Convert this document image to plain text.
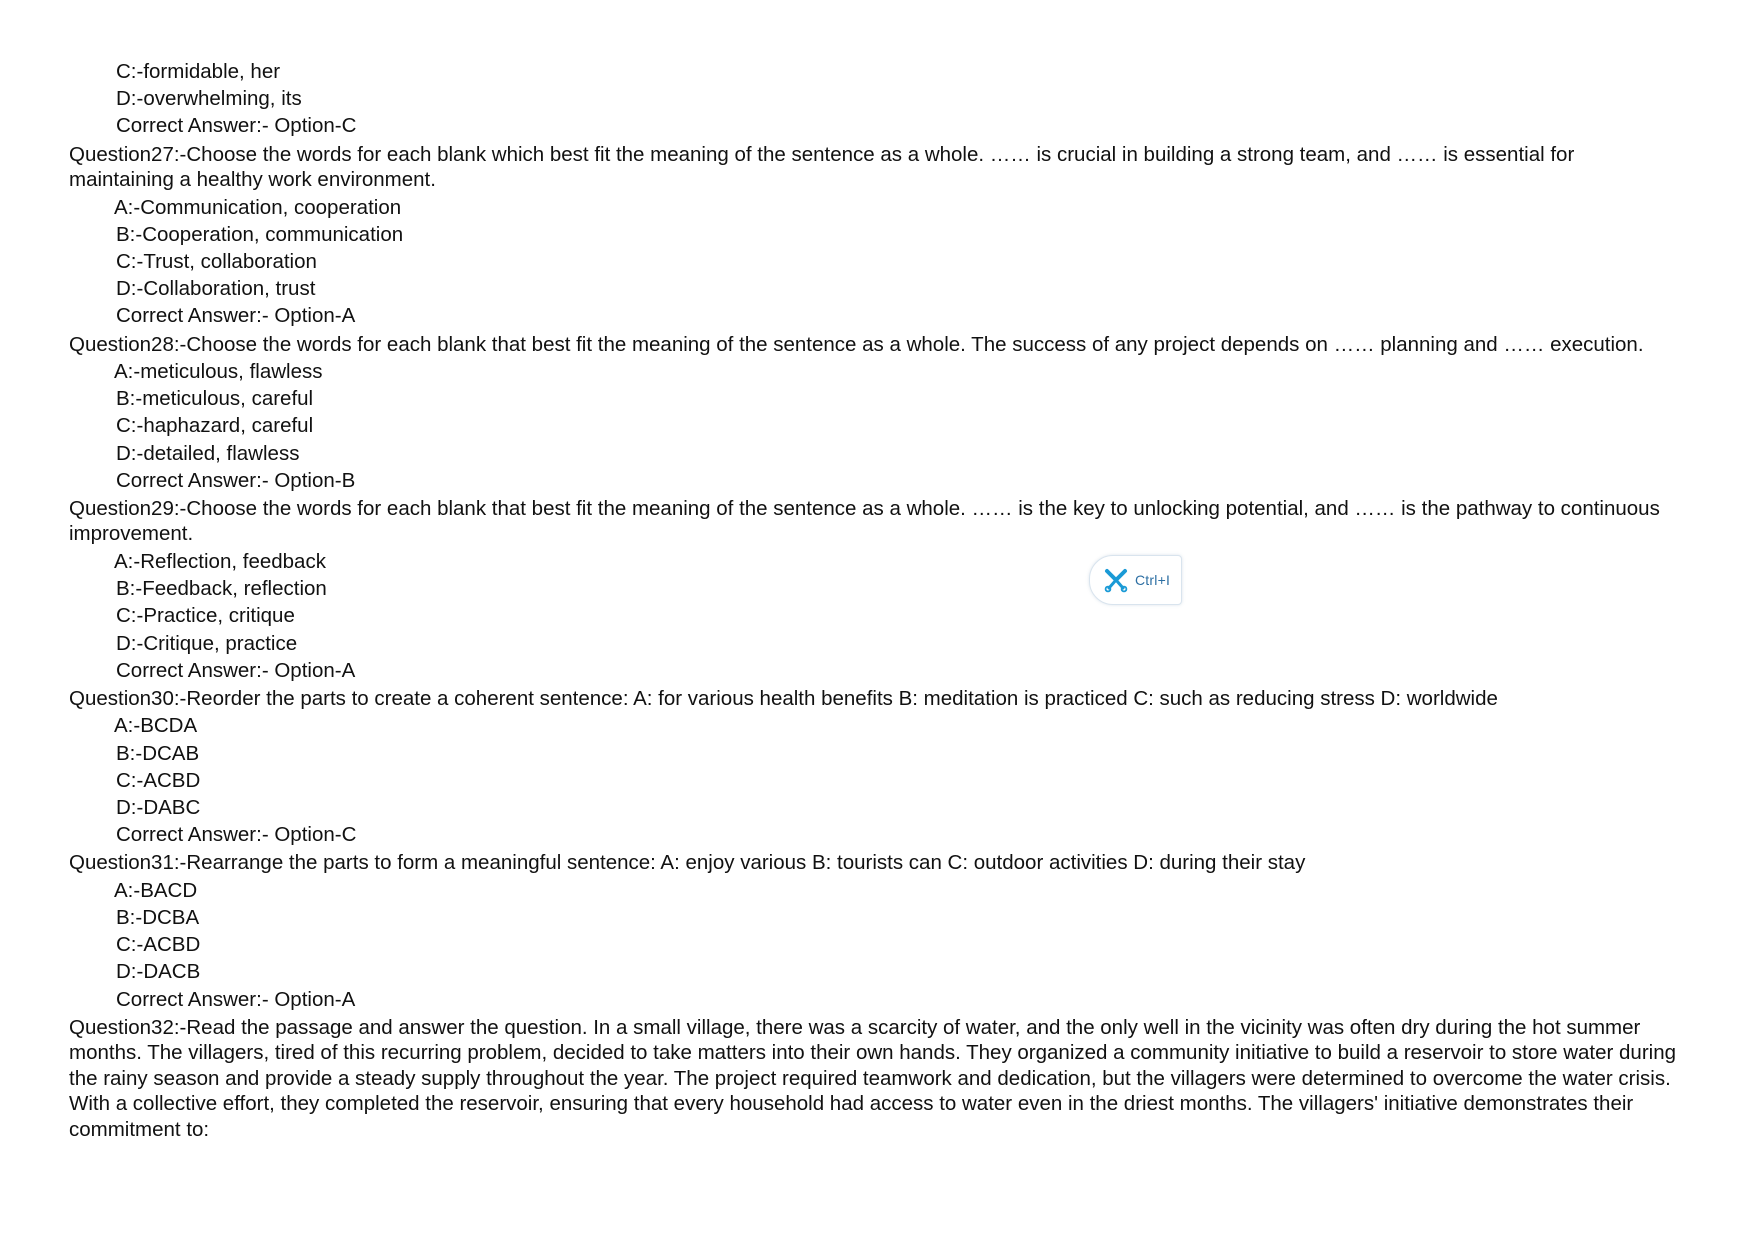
C:-formidable, her
D:-overwhelming, its
Correct Answer:- Option-C
Question27:-Choose the words for each blank which best fit the meaning of the sentence as a whole. …… is crucial in building a strong team, and …… is essential for maintaining a healthy work environment.
A:-Communication, cooperation
B:-Cooperation, communication
C:-Trust, collaboration
D:-Collaboration, trust
Correct Answer:- Option-A
Question28:-Choose the words for each blank that best fit the meaning of the sentence as a whole. The success of any project depends on …… planning and …… execution.
A:-meticulous, flawless
B:-meticulous, careful
C:-haphazard, careful
D:-detailed, flawless
Correct Answer:- Option-B
Question29:-Choose the words for each blank that best fit the meaning of the sentence as a whole. …… is the key to unlocking potential, and …… is the pathway to continuous improvement.
A:-Reflection, feedback
B:-Feedback, reflection
C:-Practice, critique
D:-Critique, practice
Correct Answer:- Option-A
Question30:-Reorder the parts to create a coherent sentence: A: for various health benefits B: meditation is practiced C: such as reducing stress D: worldwide
A:-BCDA
B:-DCAB
C:-ACBD
D:-DABC
Correct Answer:- Option-C
Question31:-Rearrange the parts to form a meaningful sentence: A: enjoy various B: tourists can C: outdoor activities D: during their stay
A:-BACD
B:-DCBA
C:-ACBD
D:-DACB
Correct Answer:- Option-A
Question32:-Read the passage and answer the question. In a small village, there was a scarcity of water, and the only well in the vicinity was often dry during the hot summer months. The villagers, tired of this recurring problem, decided to take matters into their own hands. They organized a community initiative to build a reservoir to store water during the rainy season and provide a steady supply throughout the year. The project required teamwork and dedication, but the villagers were determined to overcome the water crisis. With a collective effort, they completed the reservoir, ensuring that every household had access to water even in the driest months. The villagers' initiative demonstrates their commitment to:
Ctrl+I
